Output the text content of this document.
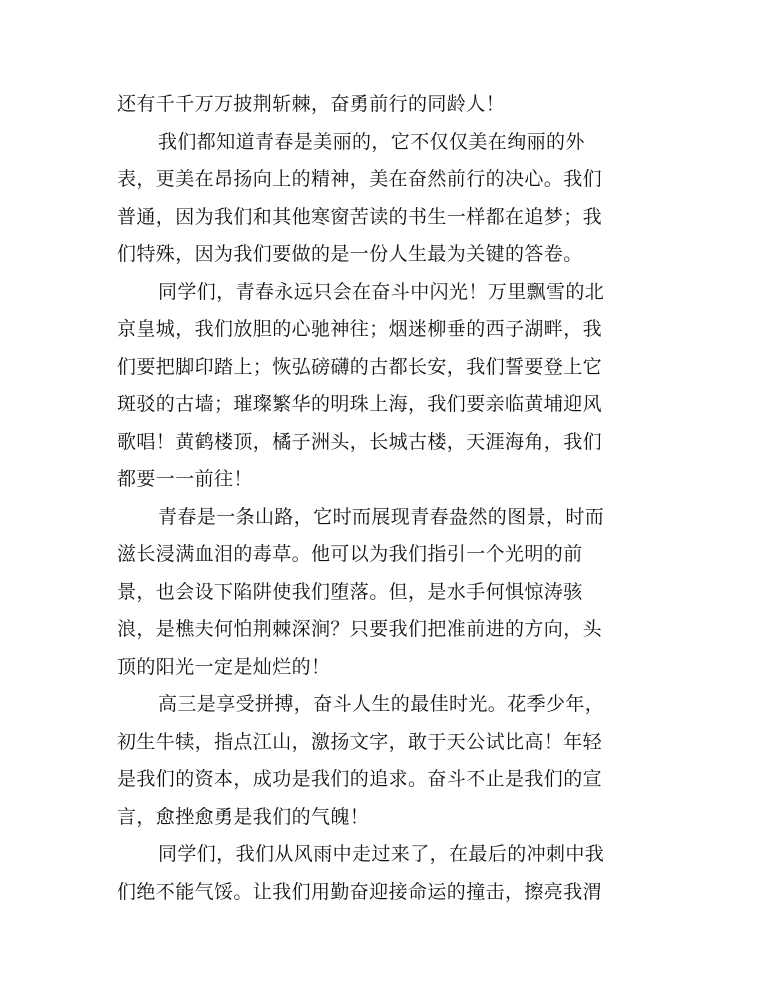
还有千千万万披荆斩棘，奋勇前行的同龄人！
我们都知道青春是美丽的，它不仅仅美在绚丽的外
表，更美在昂扬向上的精神，美在奋然前行的决心。我们
普通，因为我们和其他寒窗苦读的书生一样都在追梦；我
们特殊，因为我们要做的是一份人生最为关键的答卷。
同学们，青春永远只会在奋斗中闪光！万里飘雪的北
京皇城，我们放胆的心驰神往；烟迷柳垂的西子湖畔，我
们要把脚印踏上；恢弘磅礴的古都长安，我们誓要登上它
斑驳的古墙；璀璨繁华的明珠上海，我们要亲临黄埔迎风
歌唱！黄鹤楼顶，橘子洲头，长城古楼，天涯海角，我们
都要一一前往！
青春是一条山路，它时而展现青春盎然的图景，时而
滋长浸满血泪的毒草。他可以为我们指引一个光明的前
景，也会设下陷阱使我们堕落。但，是水手何惧惊涛骇
浪，是樵夫何怕荆棘深涧？只要我们把准前进的方向，头
顶的阳光一定是灿烂的！
高三是享受拼搏，奋斗人生的最佳时光。花季少年，
初生牛犊，指点江山，激扬文字，敢于天公试比高！年轻
是我们的资本，成功是我们的追求。奋斗不止是我们的宣
言，愈挫愈勇是我们的气魄！
同学们，我们从风雨中走过来了，在最后的冲刺中我
们绝不能气馁。让我们用勤奋迎接命运的撞击，擦亮我渭
